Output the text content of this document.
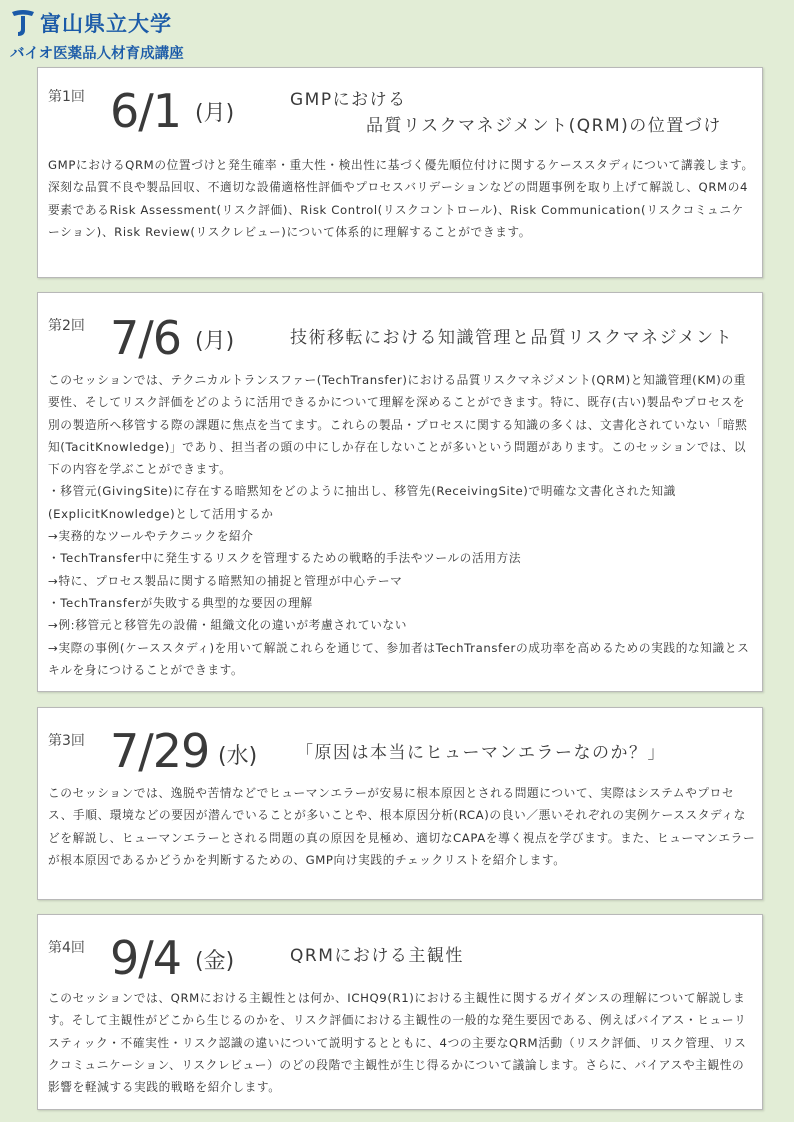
富山県立大学
バイオ医薬品人材育成講座
第1回 6/1 (月)
GMPにおける
品質リスクマネジメント(QRM)の位置づけ
GMPにおけるQRMの位置づけと発生確率・重大性・検出性に基づく優先順位付けに関するケーススタディについて講義します。深刻な品質不良や製品回収、不適切な設備適格性評価やプロセスバリデーションなどの問題事例を取り上げて解説し、QRMの4要素であるRisk Assessment(リスク評価)、Risk Control(リスクコントロール)、Risk Communication(リスクコミュニケーション)、Risk Review(リスクレビュー)について体系的に理解することができます。
第2回 7/6 (月)	技術移転における知識管理と品質リスクマネジメント
このセッションでは、テクニカルトランスファー(TechTransfer)における品質リスクマネジメント(QRM)と知識管理(KM)の重要性、そしてリスク評価をどのように活用できるかについて理解を深めることができます。特に、既存(古い)製品やプロセスを別の製造所へ移管する際の課題に焦点を当てます。これらの製品・プロセスに関する知識の多くは、文書化されていない「暗黙知(TacitKnowledge)」であり、担当者の頭の中にしか存在しないことが多いという問題があります。このセッションでは、以下の内容を学ぶことができます。
・移管元(GivingSite)に存在する暗黙知をどのように抽出し、移管先(ReceivingSite)で明確な文書化された知識(ExplicitKnowledge)として活用するか
→実務的なツールやテクニックを紹介
・TechTransfer中に発生するリスクを管理するための戦略的手法やツールの活用方法
→特に、プロセス製品に関する暗黙知の捕捉と管理が中心テーマ
・TechTransferが失敗する典型的な要因の理解
→例:移管元と移管先の設備・組織文化の違いが考慮されていない
→実際の事例(ケーススタディ)を用いて解説これらを通じて、参加者はTechTransferの成功率を高めるための実践的な知識とスキルを身につけることができます。
第3回 7/29 (水) 「原因は本当にヒューマンエラーなのか？」
このセッションでは、逸脱や苦情などでヒューマンエラーが安易に根本原因とされる問題について、実際はシステムやプロセス、手順、環境などの要因が潜んでいることが多いことや、根本原因分析(RCA)の良い／悪いそれぞれの実例ケーススタディなどを解説し、ヒューマンエラーとされる問題の真の原因を見極め、適切なCAPAを導く視点を学びます。また、ヒューマンエラーが根本原因であるかどうかを判断するための、GMP向け実践的チェックリストを紹介します。
第4回 9/4 (金)	QRMにおける主観性
このセッションでは、QRMにおける主観性とは何か、ICHQ9(R1)における主観性に関するガイダンスの理解について解説します。そして主観性がどこから生じるのかを、リスク評価における主観性の一般的な発生要因である、例えばバイアス・ヒューリスティック・不確実性・リスク認識の違いについて説明するとともに、4つの主要なQRM活動（リスク評価、リスク管理、リスクコミュニケーション、リスクレビュー）のどの段階で主観性が生じ得るかについて議論します。さらに、バイアスや主観性の影響を軽減する実践的戦略を紹介します。
